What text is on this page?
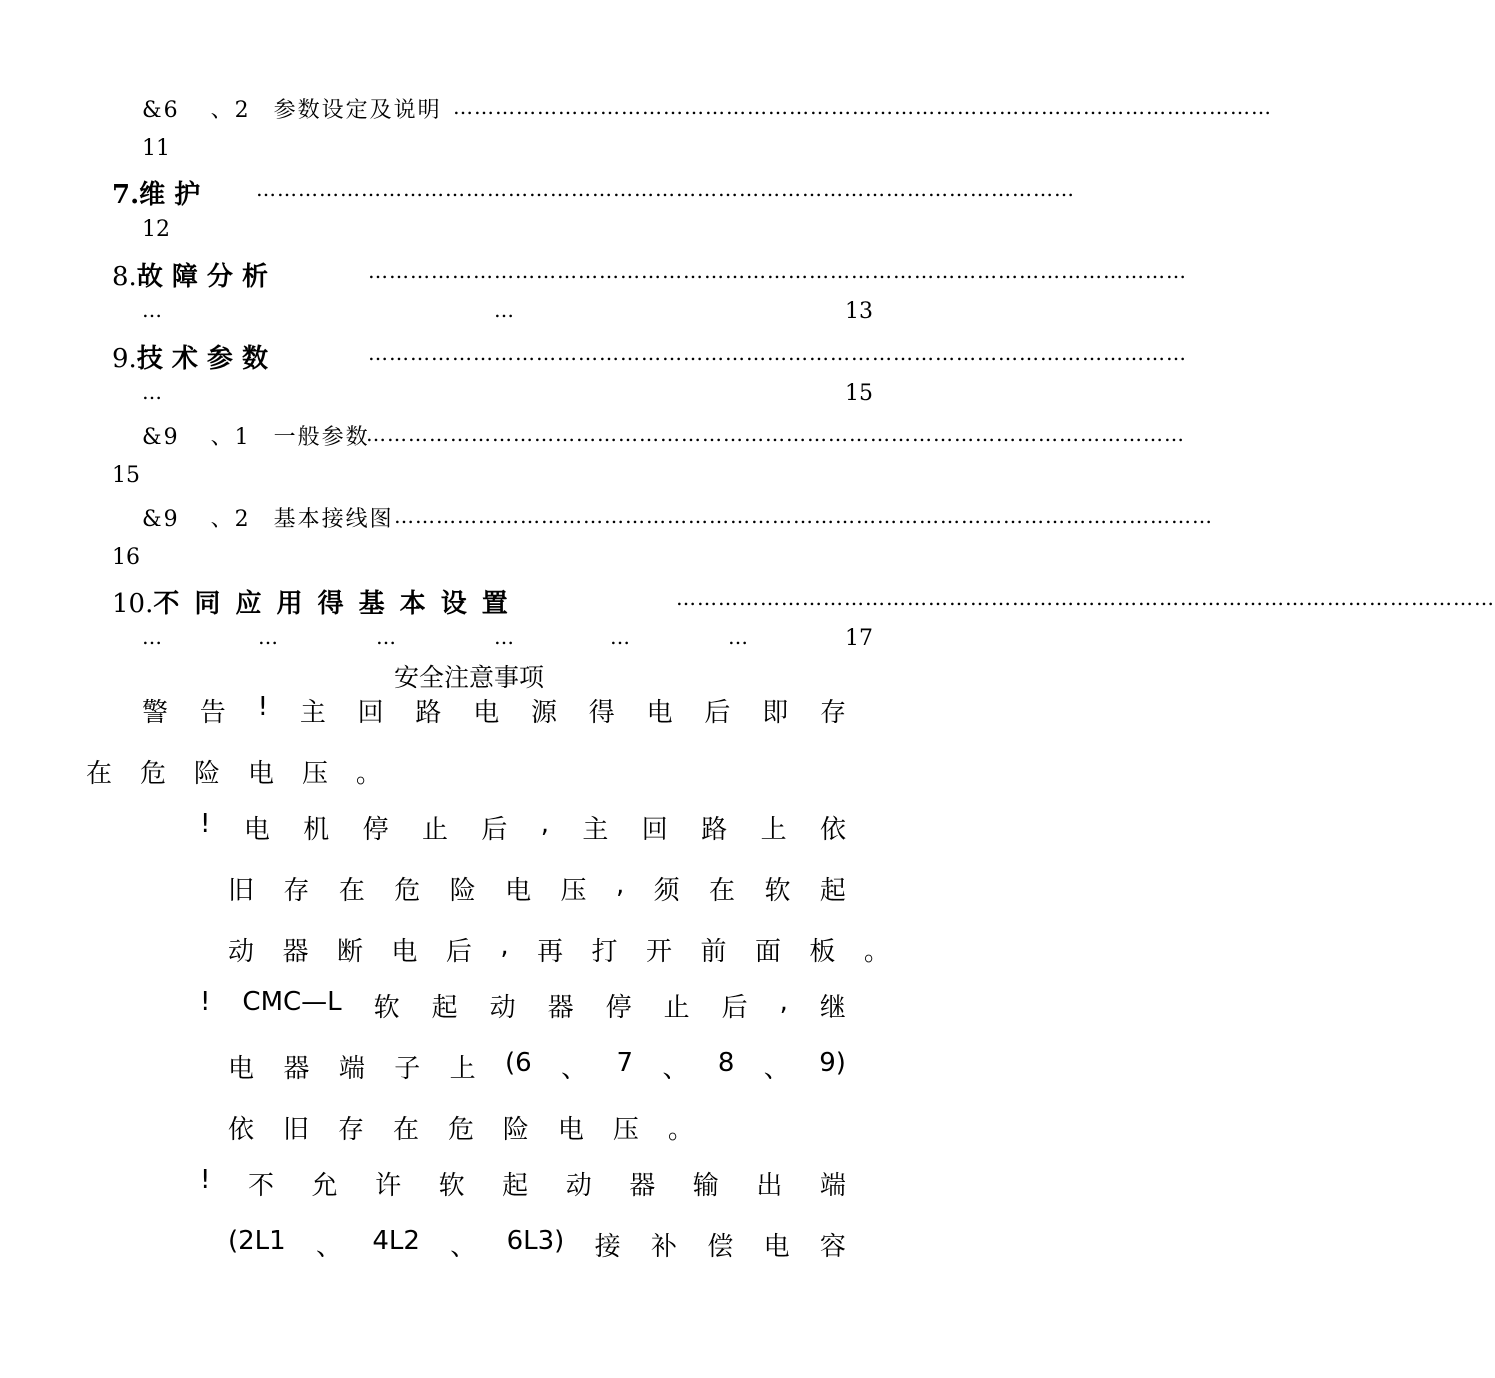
&6 、2 参数设定及说明 ………………………………………………………………………………………………………
11
7.维 护	………………………………………………………………………………………………………
12
8.故 障 分 析	………………………………………………………………………………………………………
…	…	13
9.技 术 参 数	………………………………………………………………………………………………………
…	15
&9 、1 一般参数
………………………………………………………………………………………………………
15
&9 、2 基本接线图 ………………………………………………………………………………………………………
16
10.不 同 应 用 得 基 本 设 置	………………………………………………………………………………………………………
…	…	…	…	…	…	17
安全注意事项
警 告 ! 主 回 路 电 源 得 电 后 即 存
在 危 险 电 压 。
! 电 机 停 止 后 , 主 回 路 上 依
旧 存 在 危 险 电 压 , 须 在 软 起
动 器 断 电 后 , 再 打 开 前 面 板 。
! CMC—L 软 起 动 器 停 止 后 , 继
电 器 端 子 上 (6 、 7 、 8 、 9)
依 旧 存 在 危 险 电 压 。
! 不 允 许 软 起 动 器 输 出 端
(2L1 、 4L2 、 6L3) 接 补 偿 电 容
